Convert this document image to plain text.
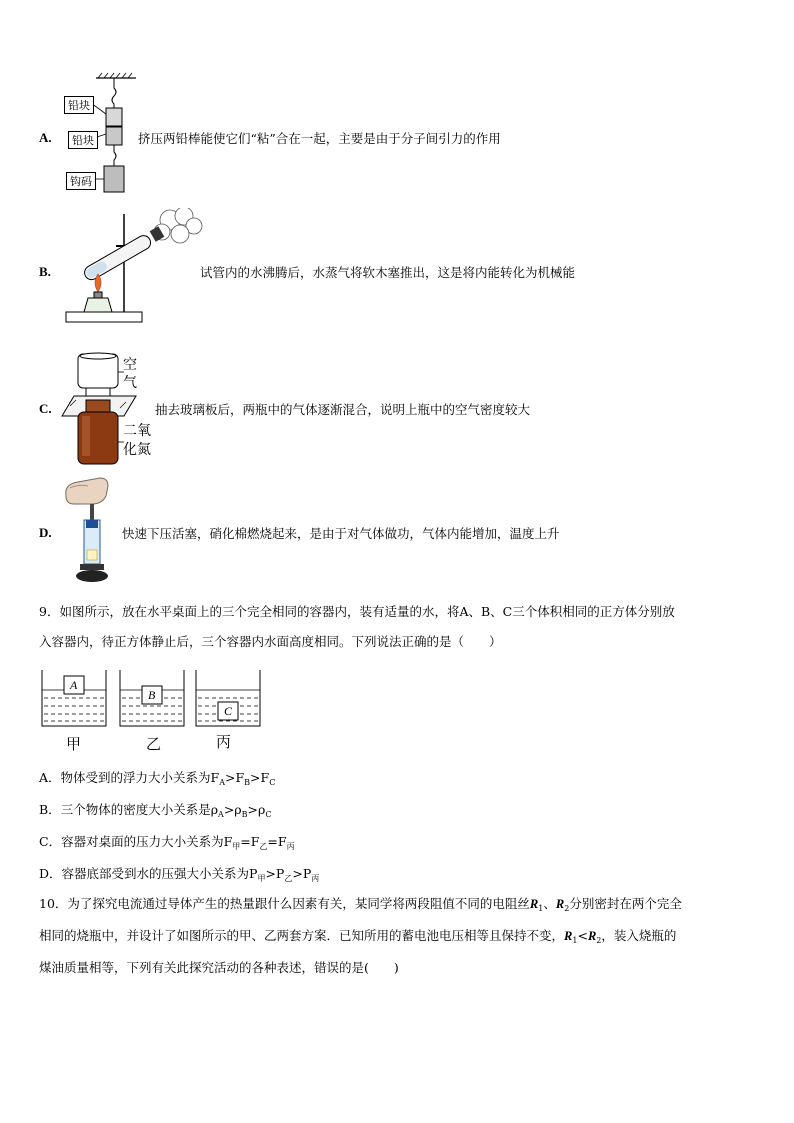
铅块
铅块
钩码
A.	挤压两铅棒能使它们“粘”合在一起，主要是由于分子间引力的作用
B.	试管内的水沸腾后，水蒸气将软木塞推出，这是将内能转化为机械能
空
气
二氧
化氮
C.	抽去玻璃板后，两瓶中的气体逐渐混合，说明上瓶中的空气密度较大
D.	快速下压活塞，硝化棉燃烧起来，是由于对气体做功，气体内能增加，温度上升
9．如图所示，放在水平桌面上的三个完全相同的容器内，装有适量的水，将A、B、C三个体积相同的正方体分别放
入容器内，待正方体静止后，三个容器内水面高度相同。下列说法正确的是（　　）
A
B
C
甲	乙	丙
A．物体受到的浮力大小关系为$F_A>F_B>F_C$
B．三个物体的密度大小关系是$\rho_A>\rho_B>\rho_C$
C．容器对桌面的压力大小关系为$F_甲=F_乙=F_丙$
D．容器底部受到水的压强大小关系为$P_甲>P_乙>P_丙$
10．为了探究电流通过导体产生的热量跟什么因素有关，某同学将两段阻值不同的电阻丝$R_1$、$R_2$分别密封在两个完全
相同的烧瓶中，并设计了如图所示的甲、乙两套方案．已知所用的蓄电池电压相等且保持不变，$R_1<R_2$，装入烧瓶的
煤油质量相等，下列有关此探究活动的各种表述，错误的是(　　)
